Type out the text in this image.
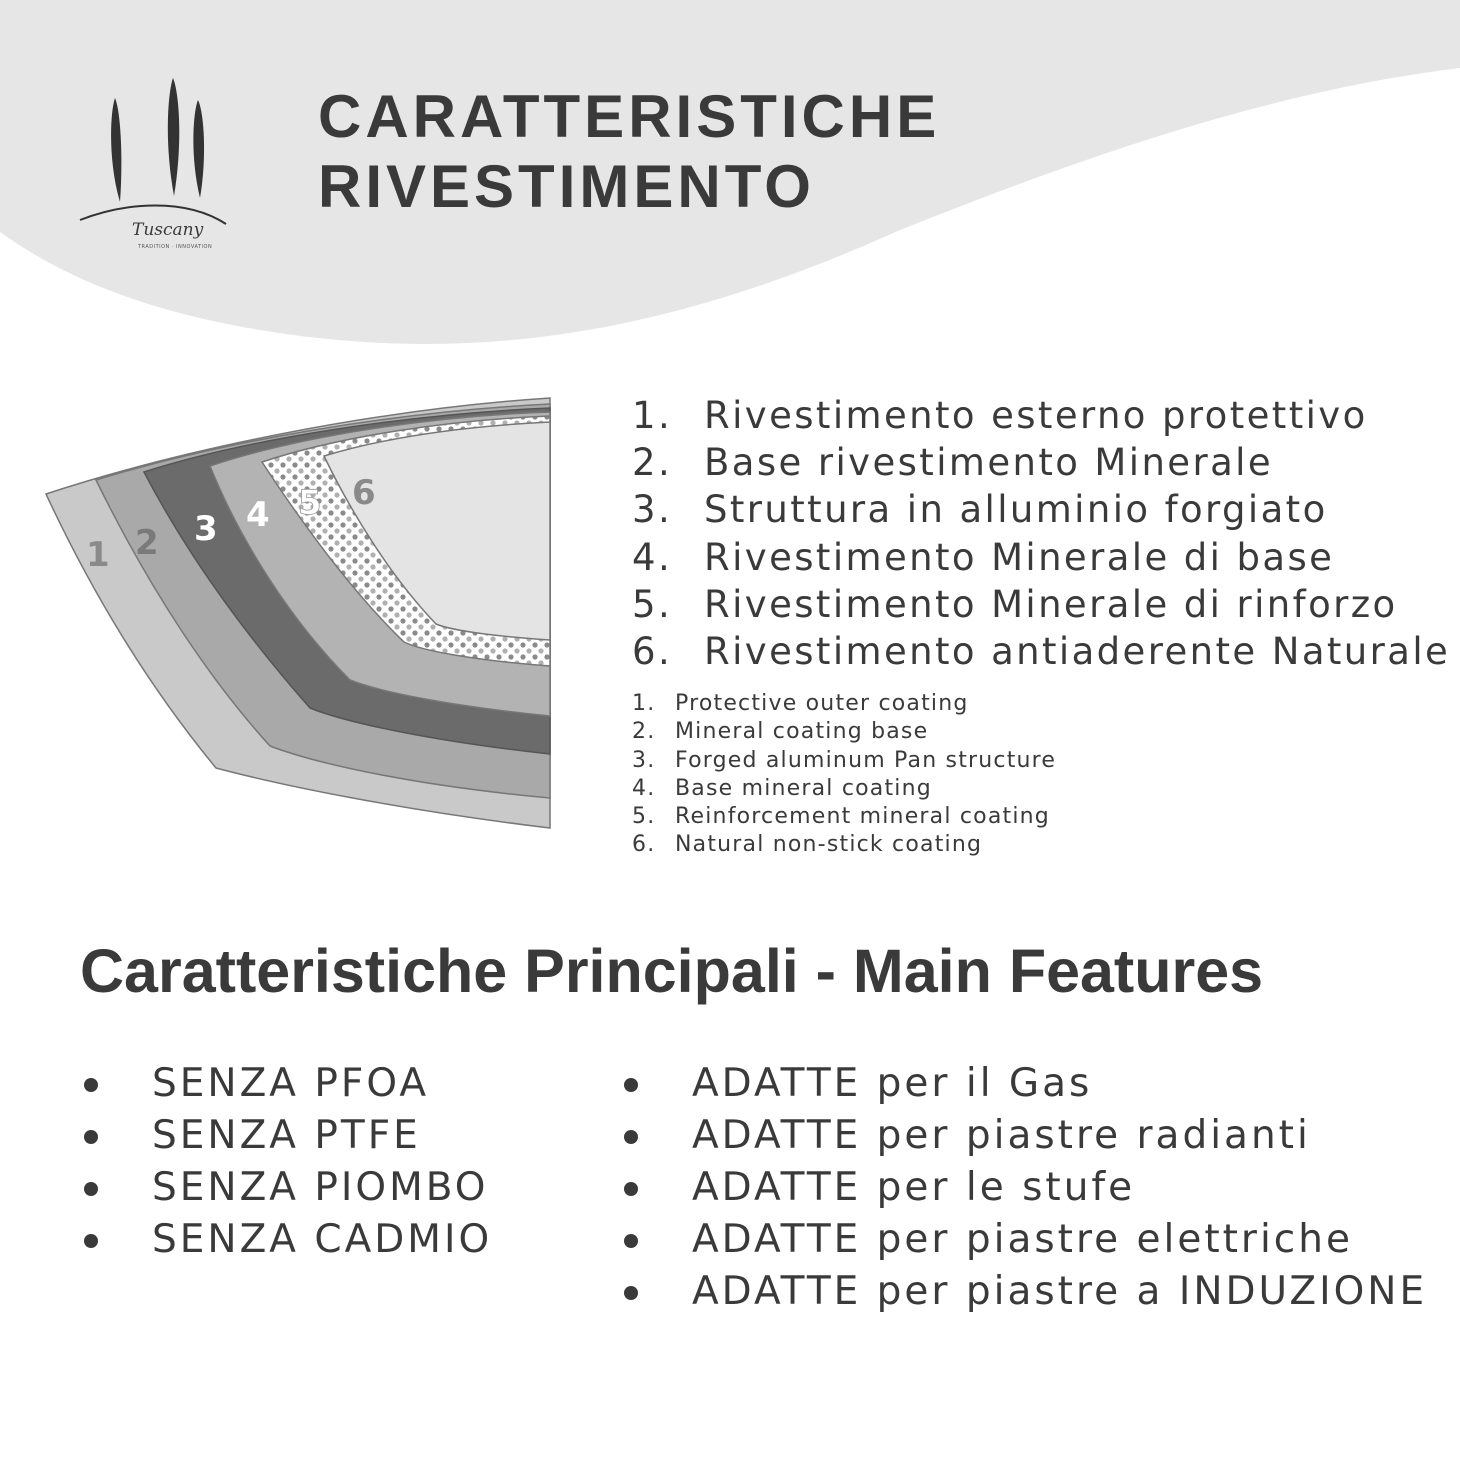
Tuscany
TRADITION · INNOVATION
CARATTERISTICHE
RIVESTIMENTO
1 2 3 4 5 6
1. Rivestimento esterno protettivo
2. Base rivestimento Minerale
3. Struttura in alluminio forgiato
4. Rivestimento Minerale di base
5. Rivestimento Minerale di rinforzo
6. Rivestimento antiaderente Naturale
1. Protective outer coating
2. Mineral coating base
3. Forged aluminum Pan structure
4. Base mineral coating
5. Reinforcement mineral coating
6. Natural non-stick coating
Caratteristiche Principali - Main Features
SENZA PFOA
SENZA PTFE
SENZA PIOMBO
SENZA CADMIO
ADATTE per il Gas
ADATTE per piastre radianti
ADATTE per le stufe
ADATTE per piastre elettriche
ADATTE per piastre a INDUZIONE
